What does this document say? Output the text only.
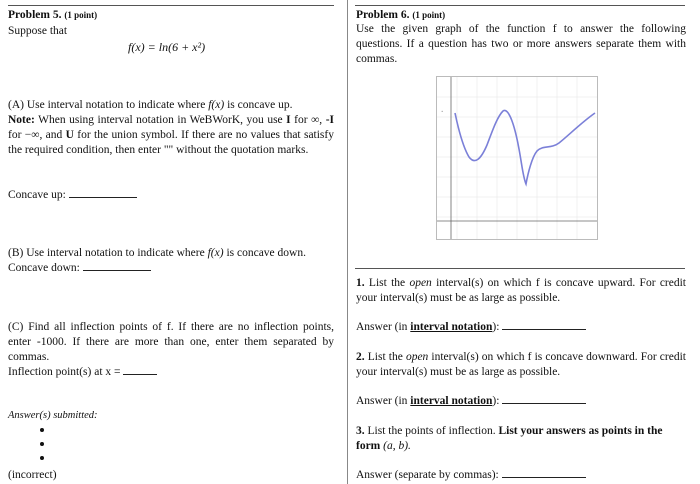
Problem 5. (1 point)
Suppose that
f(x) = ln(6 + x²)
(A) Use interval notation to indicate where f(x) is concave up.
Note: When using interval notation in WeBWorK, you use I for ∞, -I for −∞, and U for the union symbol. If there are no values that satisfy the required condition, then enter "" without the quotation marks.
Concave up:
(B) Use interval notation to indicate where f(x) is concave down.
Concave down:
(C) Find all inflection points of f. If there are no inflection points, enter -1000. If there are more than one, enter them separated by commas.
Inflection point(s) at x =
Answer(s) submitted:
(incorrect)
Problem 6. (1 point)
Use the given graph of the function f to answer the following questions. If a question has two or more answers separate them with commas.
•
1. List the open interval(s) on which f is concave upward. For credit your interval(s) must be as large as possible.
Answer (in interval notation):
2. List the open interval(s) on which f is concave downward. For credit your interval(s) must be as large as possible.
Answer (in interval notation):
3. List the points of inflection. List your answers as points in the form (a, b).
Answer (separate by commas):
